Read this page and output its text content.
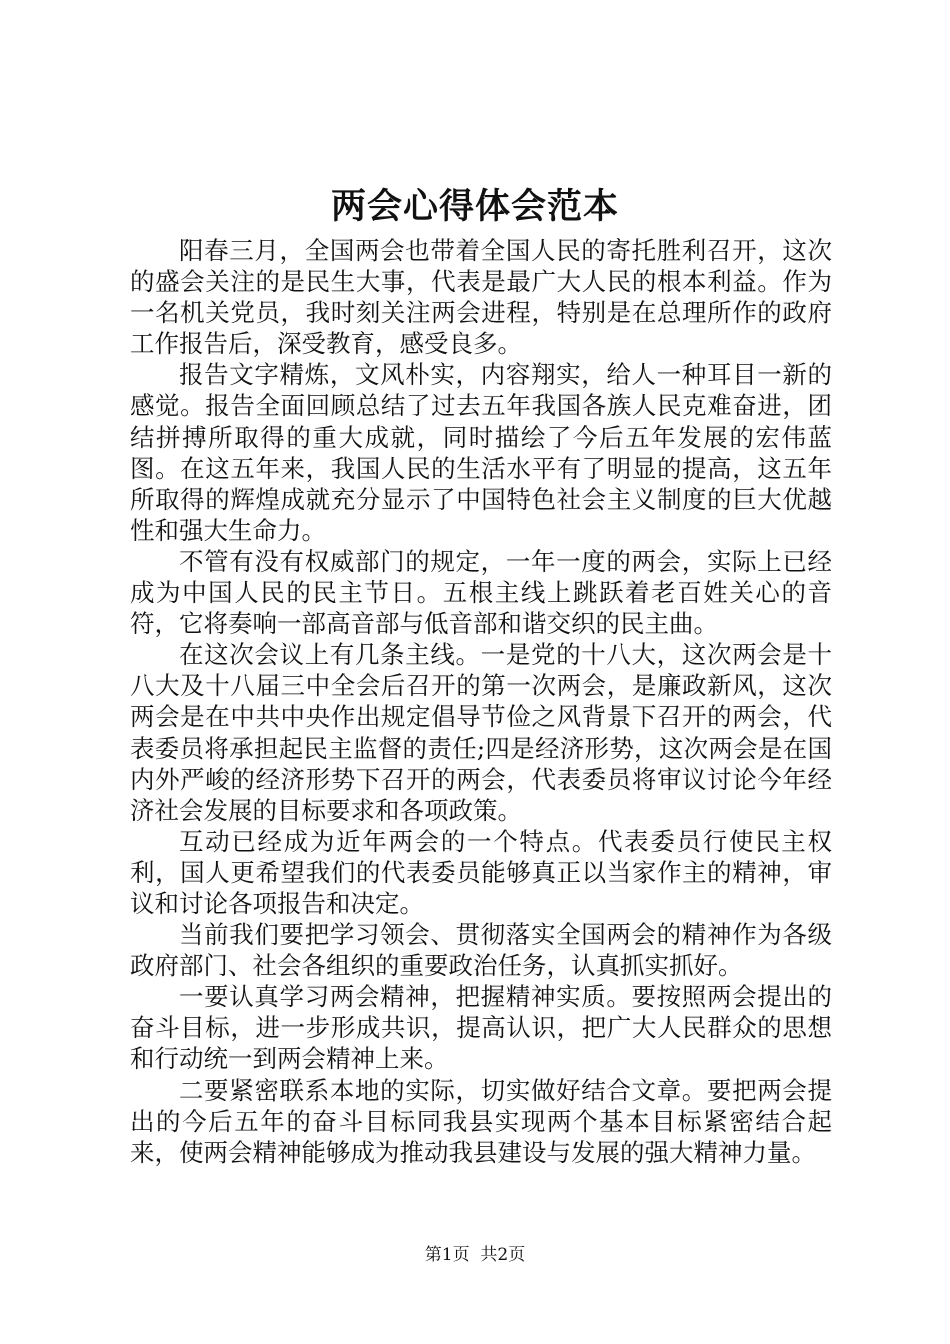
两会心得体会范本

阳春三月，全国两会也带着全国人民的寄托胜利召开，这次的盛会关注的是民生大事，代表是最广大人民的根本利益。作为一名机关党员，我时刻关注两会进程，特别是在总理所作的政府工作报告后，深受教育，感受良多。

报告文字精炼，文风朴实，内容翔实，给人一种耳目一新的感觉。报告全面回顾总结了过去五年我国各族人民克难奋进，团结拼搏所取得的重大成就，同时描绘了今后五年发展的宏伟蓝图。在这五年来，我国人民的生活水平有了明显的提高，这五年所取得的辉煌成就充分显示了中国特色社会主义制度的巨大优越性和强大生命力。

不管有没有权威部门的规定，一年一度的两会，实际上已经成为中国人民的民主节日。五根主线上跳跃着老百姓关心的音符，它将奏响一部高音部与低音部和谐交织的民主曲。

在这次会议上有几条主线。一是党的十八大，这次两会是十八大及十八届三中全会后召开的第一次两会，是廉政新风，这次两会是在中共中央作出规定倡导节俭之风背景下召开的两会，代表委员将承担起民主监督的责任;四是经济形势，这次两会是在国内外严峻的经济形势下召开的两会，代表委员将审议讨论今年经济社会发展的目标要求和各项政策。

互动已经成为近年两会的一个特点。代表委员行使民主权利，国人更希望我们的代表委员能够真正以当家作主的精神，审议和讨论各项报告和决定。

当前我们要把学习领会、贯彻落实全国两会的精神作为各级政府部门、社会各组织的重要政治任务，认真抓实抓好。

一要认真学习两会精神，把握精神实质。要按照两会提出的奋斗目标，进一步形成共识，提高认识，把广大人民群众的思想和行动统一到两会精神上来。

二要紧密联系本地的实际，切实做好结合文章。要把两会提出的今后五年的奋斗目标同我县实现两个基本目标紧密结合起来，使两会精神能够成为推动我县建设与发展的强大精神力量。

第1页  共2页
